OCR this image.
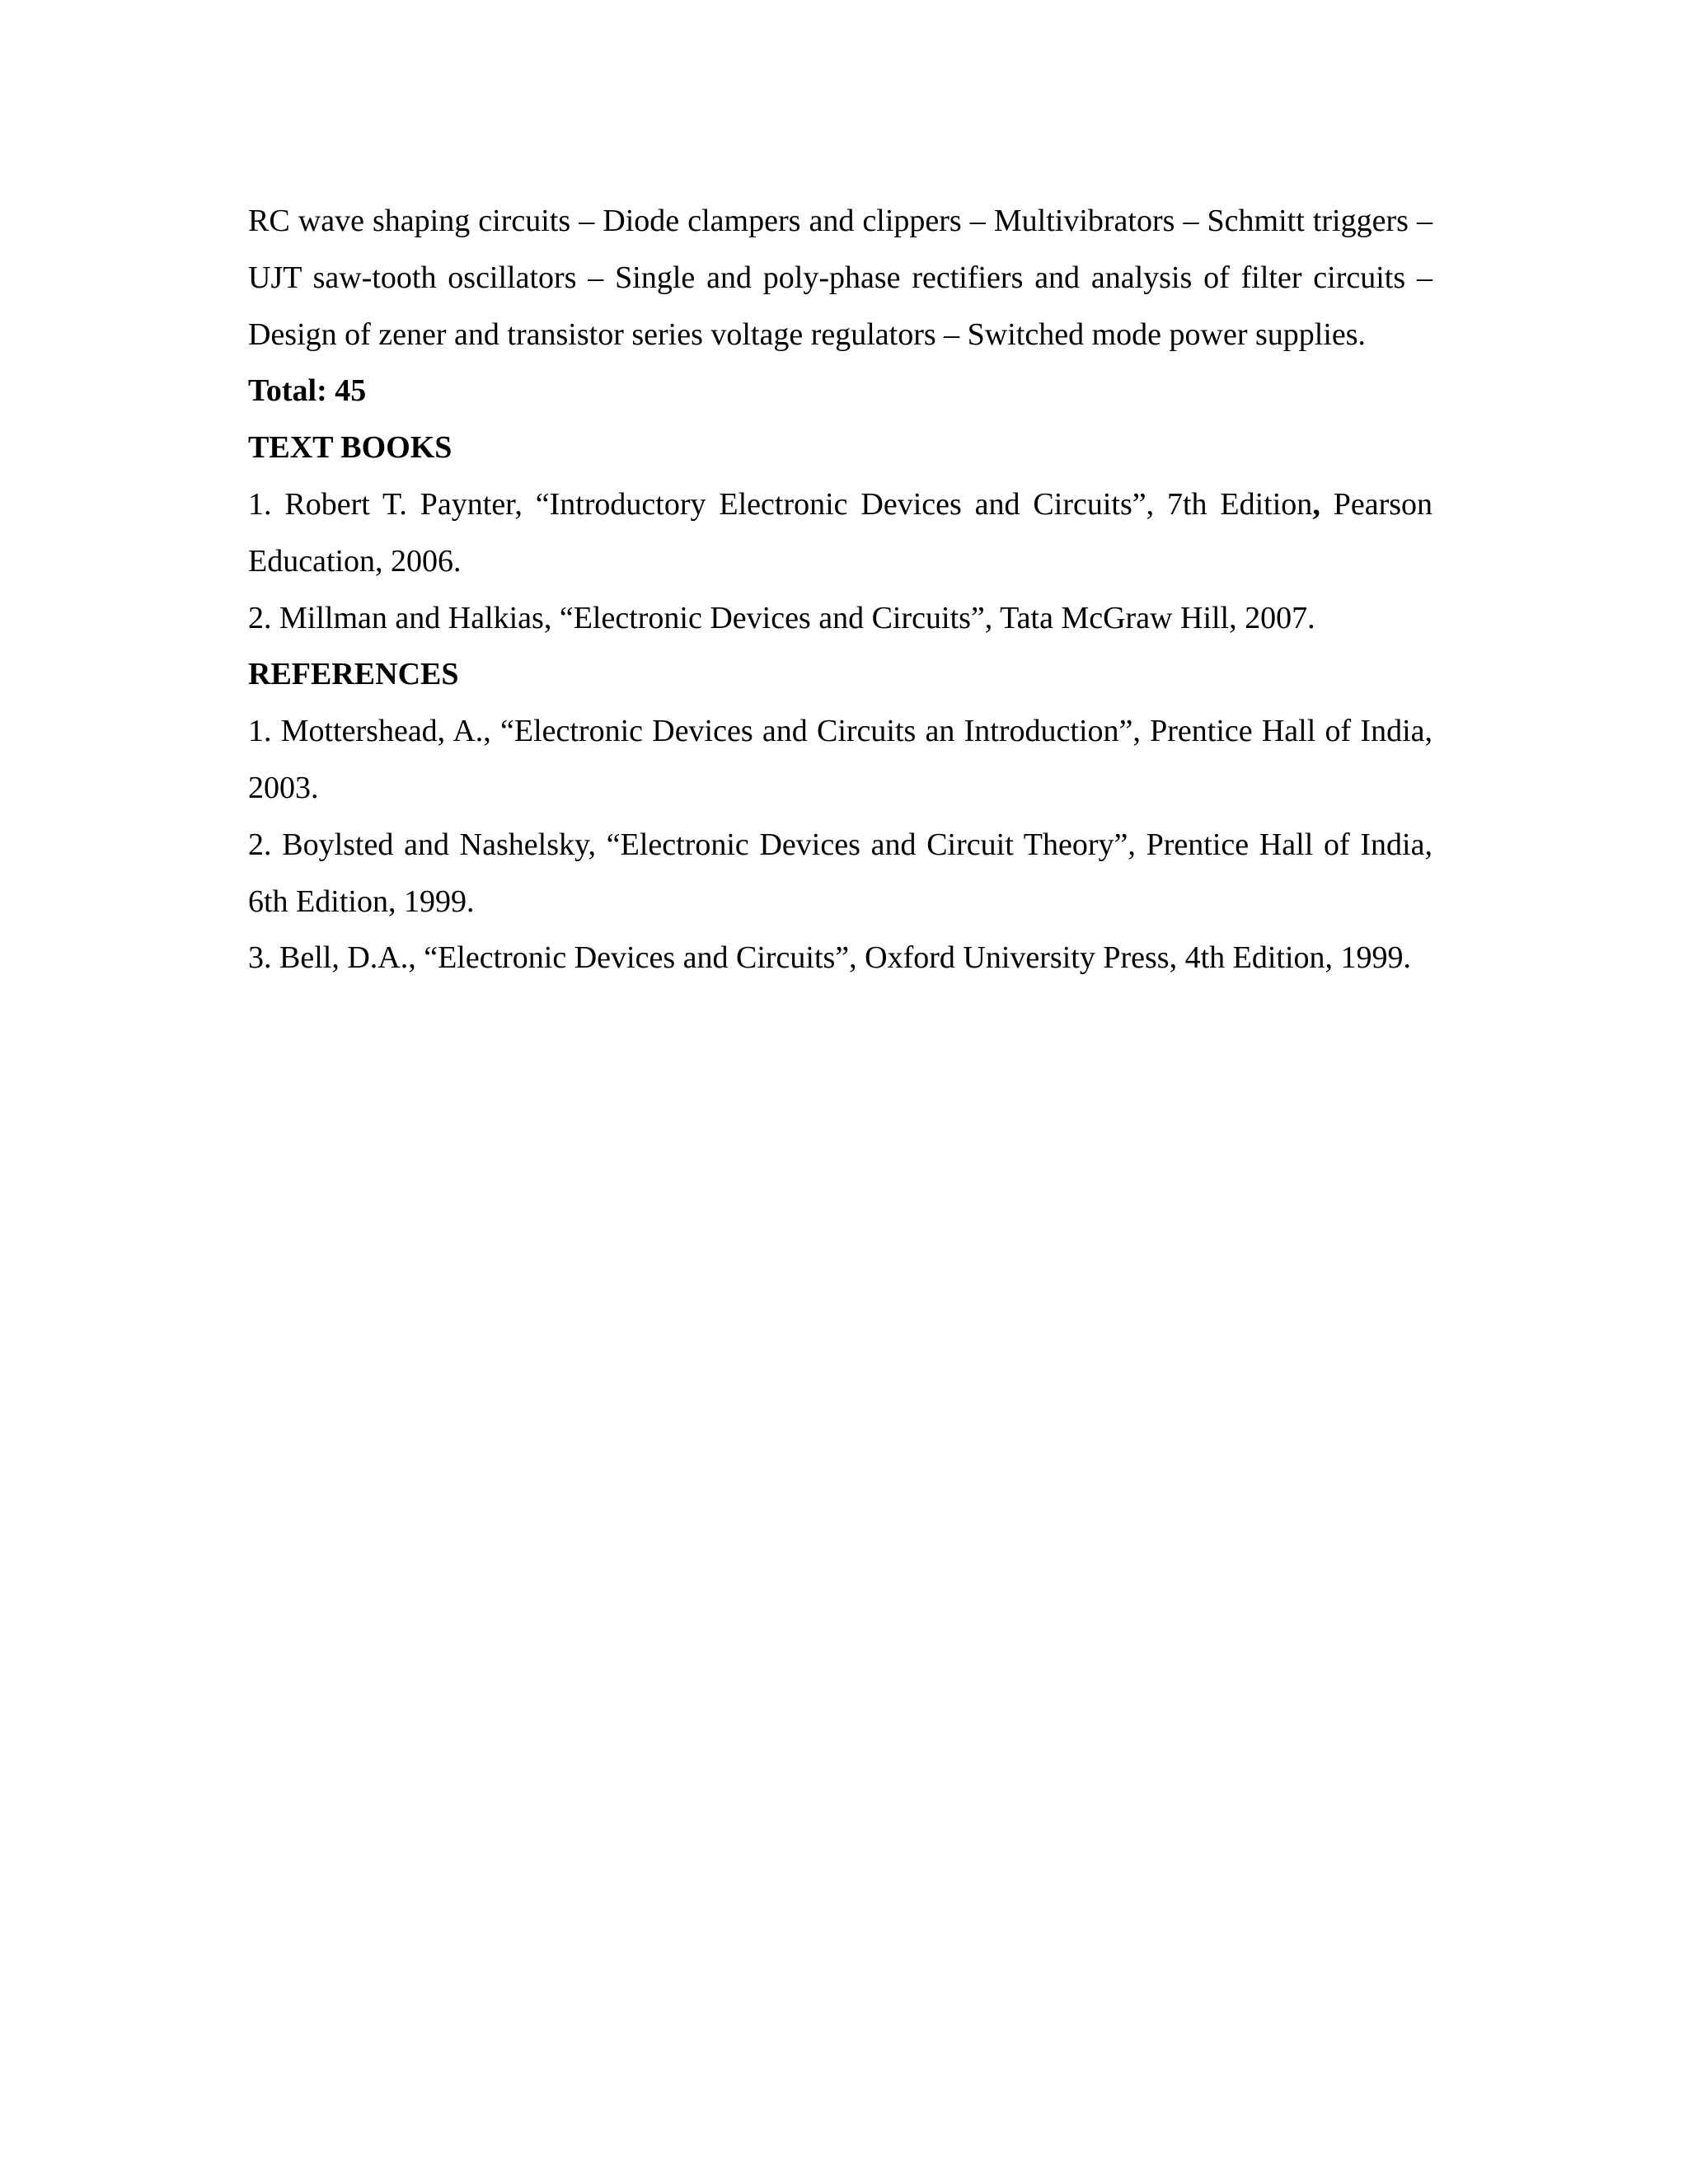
RC wave shaping circuits – Diode clampers and clippers – Multivibrators – Schmitt triggers – UJT saw-tooth oscillators – Single and poly-phase rectifiers and analysis of filter circuits – Design of zener and transistor series voltage regulators – Switched mode power supplies.

Total: 45

TEXT BOOKS

1. Robert T. Paynter, “Introductory Electronic Devices and Circuits”, 7th Edition, Pearson Education, 2006.

2. Millman and Halkias, “Electronic Devices and Circuits”, Tata McGraw Hill, 2007.

REFERENCES

1. Mottershead, A., “Electronic Devices and Circuits an Introduction”, Prentice Hall of India, 2003.

2. Boylsted and Nashelsky, “Electronic Devices and Circuit Theory”, Prentice Hall of India, 6th Edition, 1999.

3. Bell, D.A., “Electronic Devices and Circuits”, Oxford University Press, 4th Edition, 1999.
